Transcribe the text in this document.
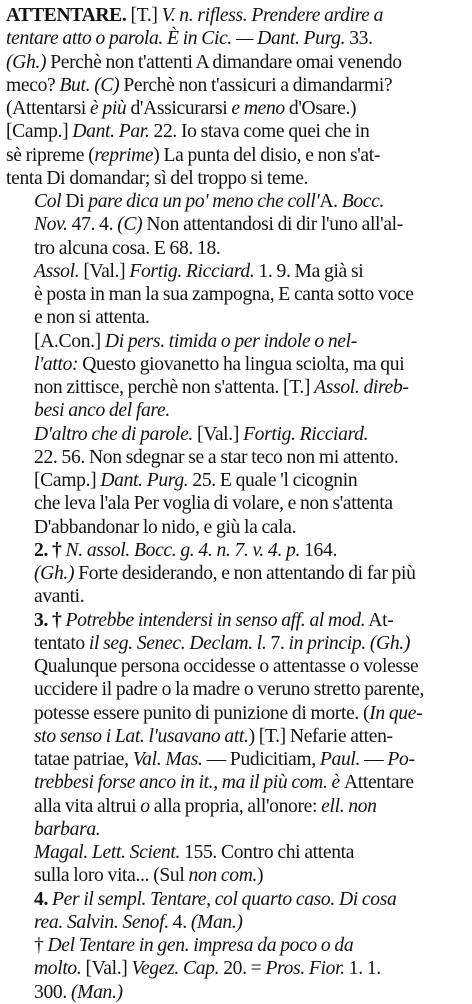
ATTENTARE. [T.] V. n. rifless. Prendere ardire a
tentare atto o parola. È in Cic. — Dant. Purg. 33.
(Gh.) Perchè non t'attenti A dimandare omai venendo
meco? But. (C) Perchè non t'assicuri a dimandarmi?
(Attentarsi è più d'Assicurarsi e meno d'Osare.)
[Camp.] Dant. Par. 22. Io stava come quei che in
sè ripreme (reprime) La punta del disio, e non s'at-
tenta Di domandar; sì del troppo si teme.
Col Di pare dica un po' meno che coll'A. Bocc.
Nov. 47. 4. (C) Non attentandosi di dir l'uno all'al-
tro alcuna cosa. E 68. 18.
Assol. [Val.] Fortig. Ricciard. 1. 9. Ma già si
è posta in man la sua zampogna, E canta sotto voce
e non si attenta.
[A.Con.] Di pers. timida o per indole o nel-
l'atto: Questo giovanetto ha lingua sciolta, ma qui
non zittisce, perchè non s'attenta. [T.] Assol. direb-
besi anco del fare.
D'altro che di parole. [Val.] Fortig. Ricciard.
22. 56. Non sdegnar se a star teco non mi attento.
[Camp.] Dant. Purg. 25. E quale 'l cicognin
che leva l'ala Per voglia di volare, e non s'attenta
D'abbandonar lo nido, e giù la cala.
2. † N. assol. Bocc. g. 4. n. 7. v. 4. p. 164.
(Gh.) Forte desiderando, e non attentando di far più
avanti.
3. † Potrebbe intendersi in senso aff. al mod. At-
tentato il seg. Senec. Declam. l. 7. in princip. (Gh.)
Qualunque persona occidesse o attentasse o volesse
uccidere il padre o la madre o veruno stretto parente,
potesse essere punito di punizione di morte. (In que-
sto senso i Lat. l'usavano att.) [T.] Nefarie atten-
tatae patriae, Val. Mas. — Pudicitiam, Paul. — Po-
trebbesi forse anco in it., ma il più com. è Attentare
alla vita altrui o alla propria, all'onore: ell. non
barbara.
Magal. Lett. Scient. 155. Contro chi attenta
sulla loro vita... (Sul non com.)
4. Per il sempl. Tentare, col quarto caso. Di cosa
rea. Salvin. Senof. 4. (Man.)
† Del Tentare in gen. impresa da poco o da
molto. [Val.] Vegez. Cap. 20. = Pros. Fior. 1. 1.
300. (Man.)
